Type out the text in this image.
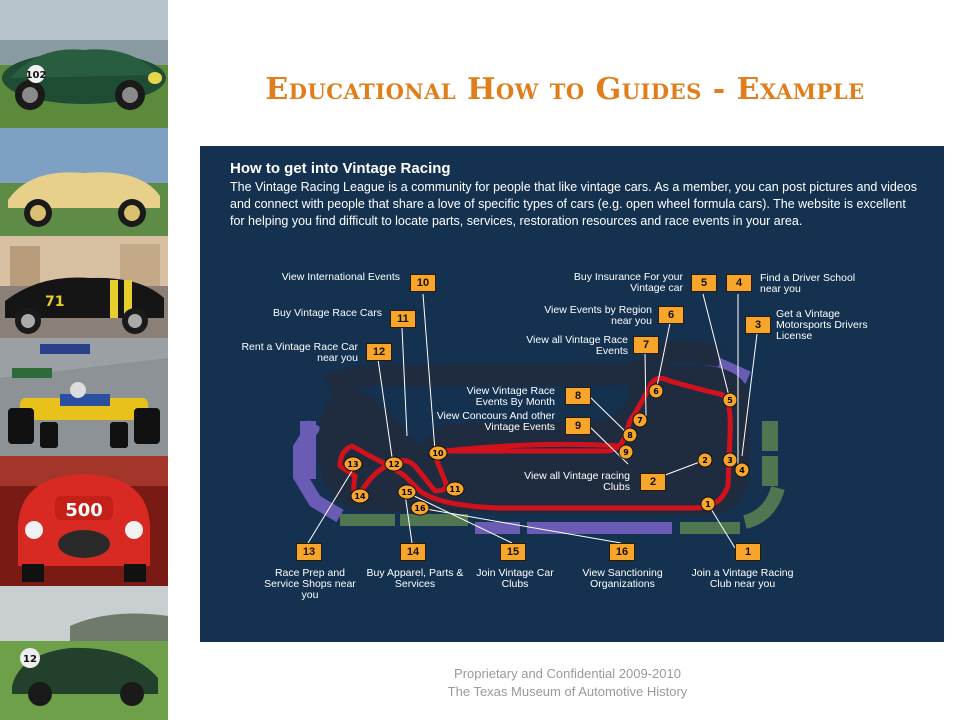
102
71
500
12
Educational How to Guides - Example
How to get into Vintage Racing

The Vintage Racing League is a community for people that like vintage cars. As a member, you can post pictures and videos and connect with people that share a love of specific types of cars (e.g. open wheel formula cars). The website is excellent for helping you find difficult to locate parts, services, restoration resources and race events in your area.

1
2 3
4
5
6
7
8
9
10
11
12
13
14	15
16
1
2
3
4
5
6
7
8
9
10
11
12
13	14	15	16
Join a Vintage Racing Club near you
View all Vintage racing Clubs
Get a Vintage Motorsports Drivers License
Find a Driver School near you
Buy Insurance For your Vintage car
View Events by Region near you
View all Vintage Race Events
View Vintage Race Events By Month
View Concours And other Vintage Events
View International Events
Buy Vintage Race Cars
Rent a Vintage Race Car near you
Race Prep and Service Shops near you
Buy Apparel, Parts & Services
Join Vintage Car Clubs
View Sanctioning Organizations
Proprietary and Confidential 2009-2010
The Texas Museum of Automotive History
